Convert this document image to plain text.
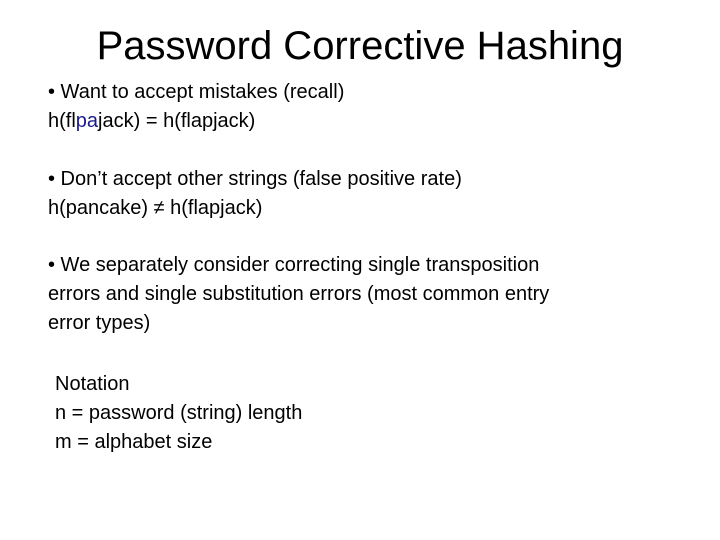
Password Corrective Hashing
• Want to accept mistakes (recall)
h(flpajack) = h(flapjack)
• Don’t accept other strings (false positive rate)
h(pancake) ≠ h(flapjack)
• We separately consider correcting single transposition
errors and single substitution errors (most common entry
error types)
Notation
n = password (string) length
m = alphabet size
